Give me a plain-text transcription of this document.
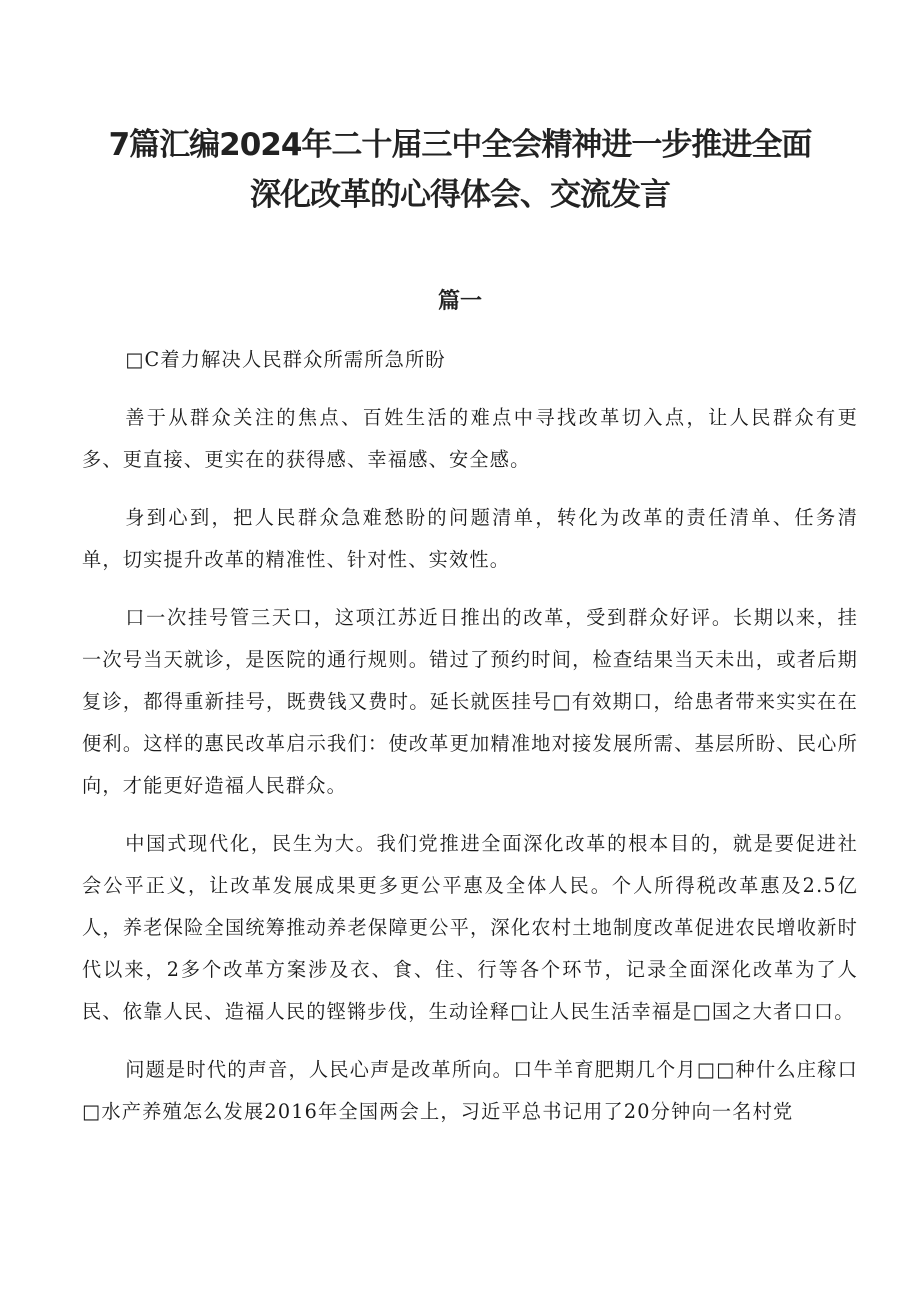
7篇汇编2024年二十届三中全会精神进一步推进全面
深化改革的心得体会、交流发言
篇一

□C着力解决人民群众所需所急所盼

善于从群众关注的焦点、百姓生活的难点中寻找改革切入点，让人民群众有更多、更直接、更实在的获得感、幸福感、安全感。

身到心到，把人民群众急难愁盼的问题清单，转化为改革的责任清单、任务清单，切实提升改革的精准性、针对性、实效性。

口一次挂号管三天口，这项江苏近日推出的改革，受到群众好评。长期以来，挂一次号当天就诊，是医院的通行规则。错过了预约时间，检查结果当天未出，或者后期复诊，都得重新挂号，既费钱又费时。延长就医挂号□有效期口，给患者带来实实在在便利。这样的惠民改革启示我们：使改革更加精准地对接发展所需、基层所盼、民心所向，才能更好造福人民群众。

中国式现代化，民生为大。我们党推进全面深化改革的根本目的，就是要促进社会公平正义，让改革发展成果更多更公平惠及全体人民。个人所得税改革惠及2.5亿人，养老保险全国统筹推动养老保障更公平，深化农村土地制度改革促进农民增收新时代以来，2多个改革方案涉及衣、食、住、行等各个环节，记录全面深化改革为了人民、依靠人民、造福人民的铿锵步伐，生动诠释□让人民生活幸福是□国之大者口口。

问题是时代的声音，人民心声是改革所向。口牛羊育肥期几个月□□种什么庄稼口□水产养殖怎么发展2016年全国两会上，习近平总书记用了20分钟向一名村党
